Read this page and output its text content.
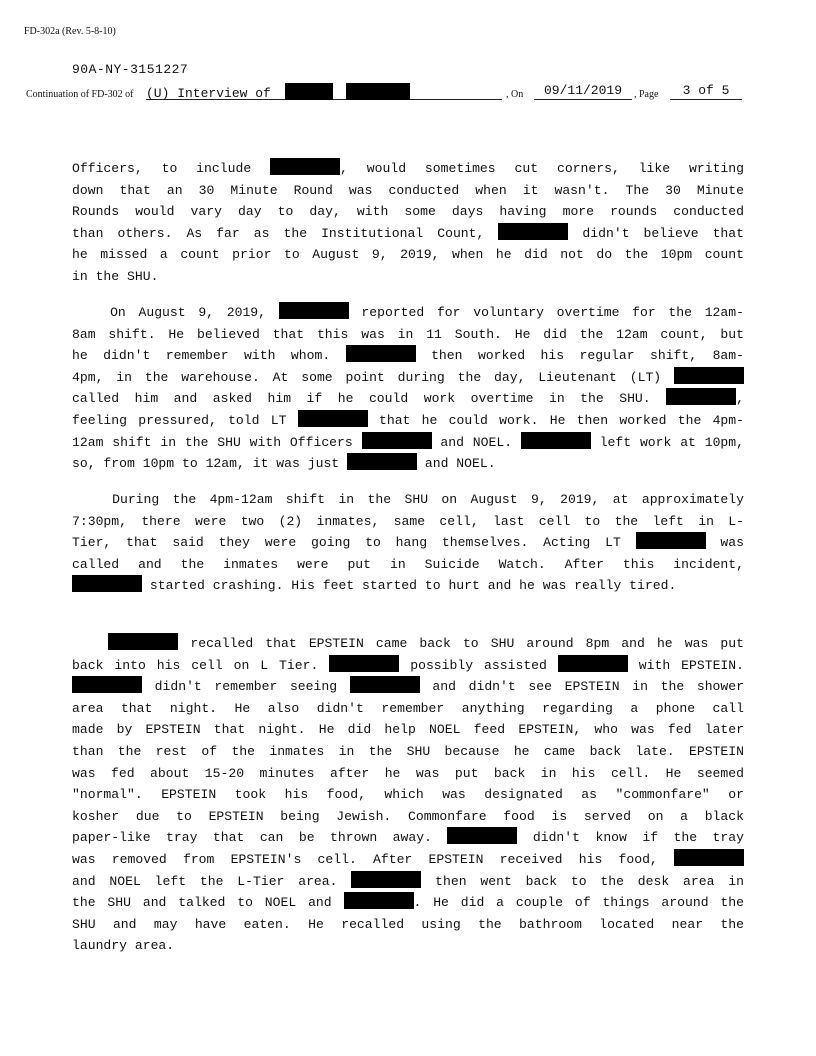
FD-302a (Rev. 5-8-10)
90A-NY-3151227
Continuation of FD-302 of (U) Interview of	, On	09/11/2019	, Page	3 of 5
Officers, to include	, would sometimes cut corners, like writing
down that an 30 Minute Round was conducted when it wasn't. The 30 Minute
Rounds would vary day to day, with some days having more rounds conducted
than others. As far as the Institutional Count,	didn't believe that
he missed a count prior to August 9, 2019, when he did not do the 10pm count
in the SHU.
On August 9, 2019,	reported for voluntary overtime for the 12am-
8am shift. He believed that this was in 11 South. He did the 12am count, but
he didn't remember with whom.	then worked his regular shift, 8am-
4pm, in the warehouse. At some point during the day, Lieutenant (LT)
called him and asked him if he could work overtime in the SHU.	,
feeling pressured, told LT	that he could work. He then worked the 4pm-
12am shift in the SHU with Officers	and NOEL.	left work at 10pm,
so, from 10pm to 12am, it was just	and NOEL.
During the 4pm-12am shift in the SHU on August 9, 2019, at approximately
7:30pm, there were two (2) inmates, same cell, last cell to the left in L-
Tier, that said they were going to hang themselves. Acting LT	was
called and the inmates were put in Suicide Watch. After this incident,
started crashing. His feet started to hurt and he was really tired.
recalled that EPSTEIN came back to SHU around 8pm and he was put
back into his cell on L Tier.	possibly assisted	with EPSTEIN.
didn't remember seeing	and didn't see EPSTEIN in the shower
area that night. He also didn't remember anything regarding a phone call
made by EPSTEIN that night. He did help NOEL feed EPSTEIN, who was fed later
than the rest of the inmates in the SHU because he came back late. EPSTEIN
was fed about 15-20 minutes after he was put back in his cell. He seemed
"normal". EPSTEIN took his food, which was designated as "commonfare" or
kosher due to EPSTEIN being Jewish. Commonfare food is served on a black
paper-like tray that can be thrown away.	didn't know if the tray
was removed from EPSTEIN's cell. After EPSTEIN received his food,
and NOEL left the L-Tier area.	then went back to the desk area in
the SHU and talked to NOEL and	. He did a couple of things around the
SHU and may have eaten. He recalled using the bathroom located near the
laundry area.
